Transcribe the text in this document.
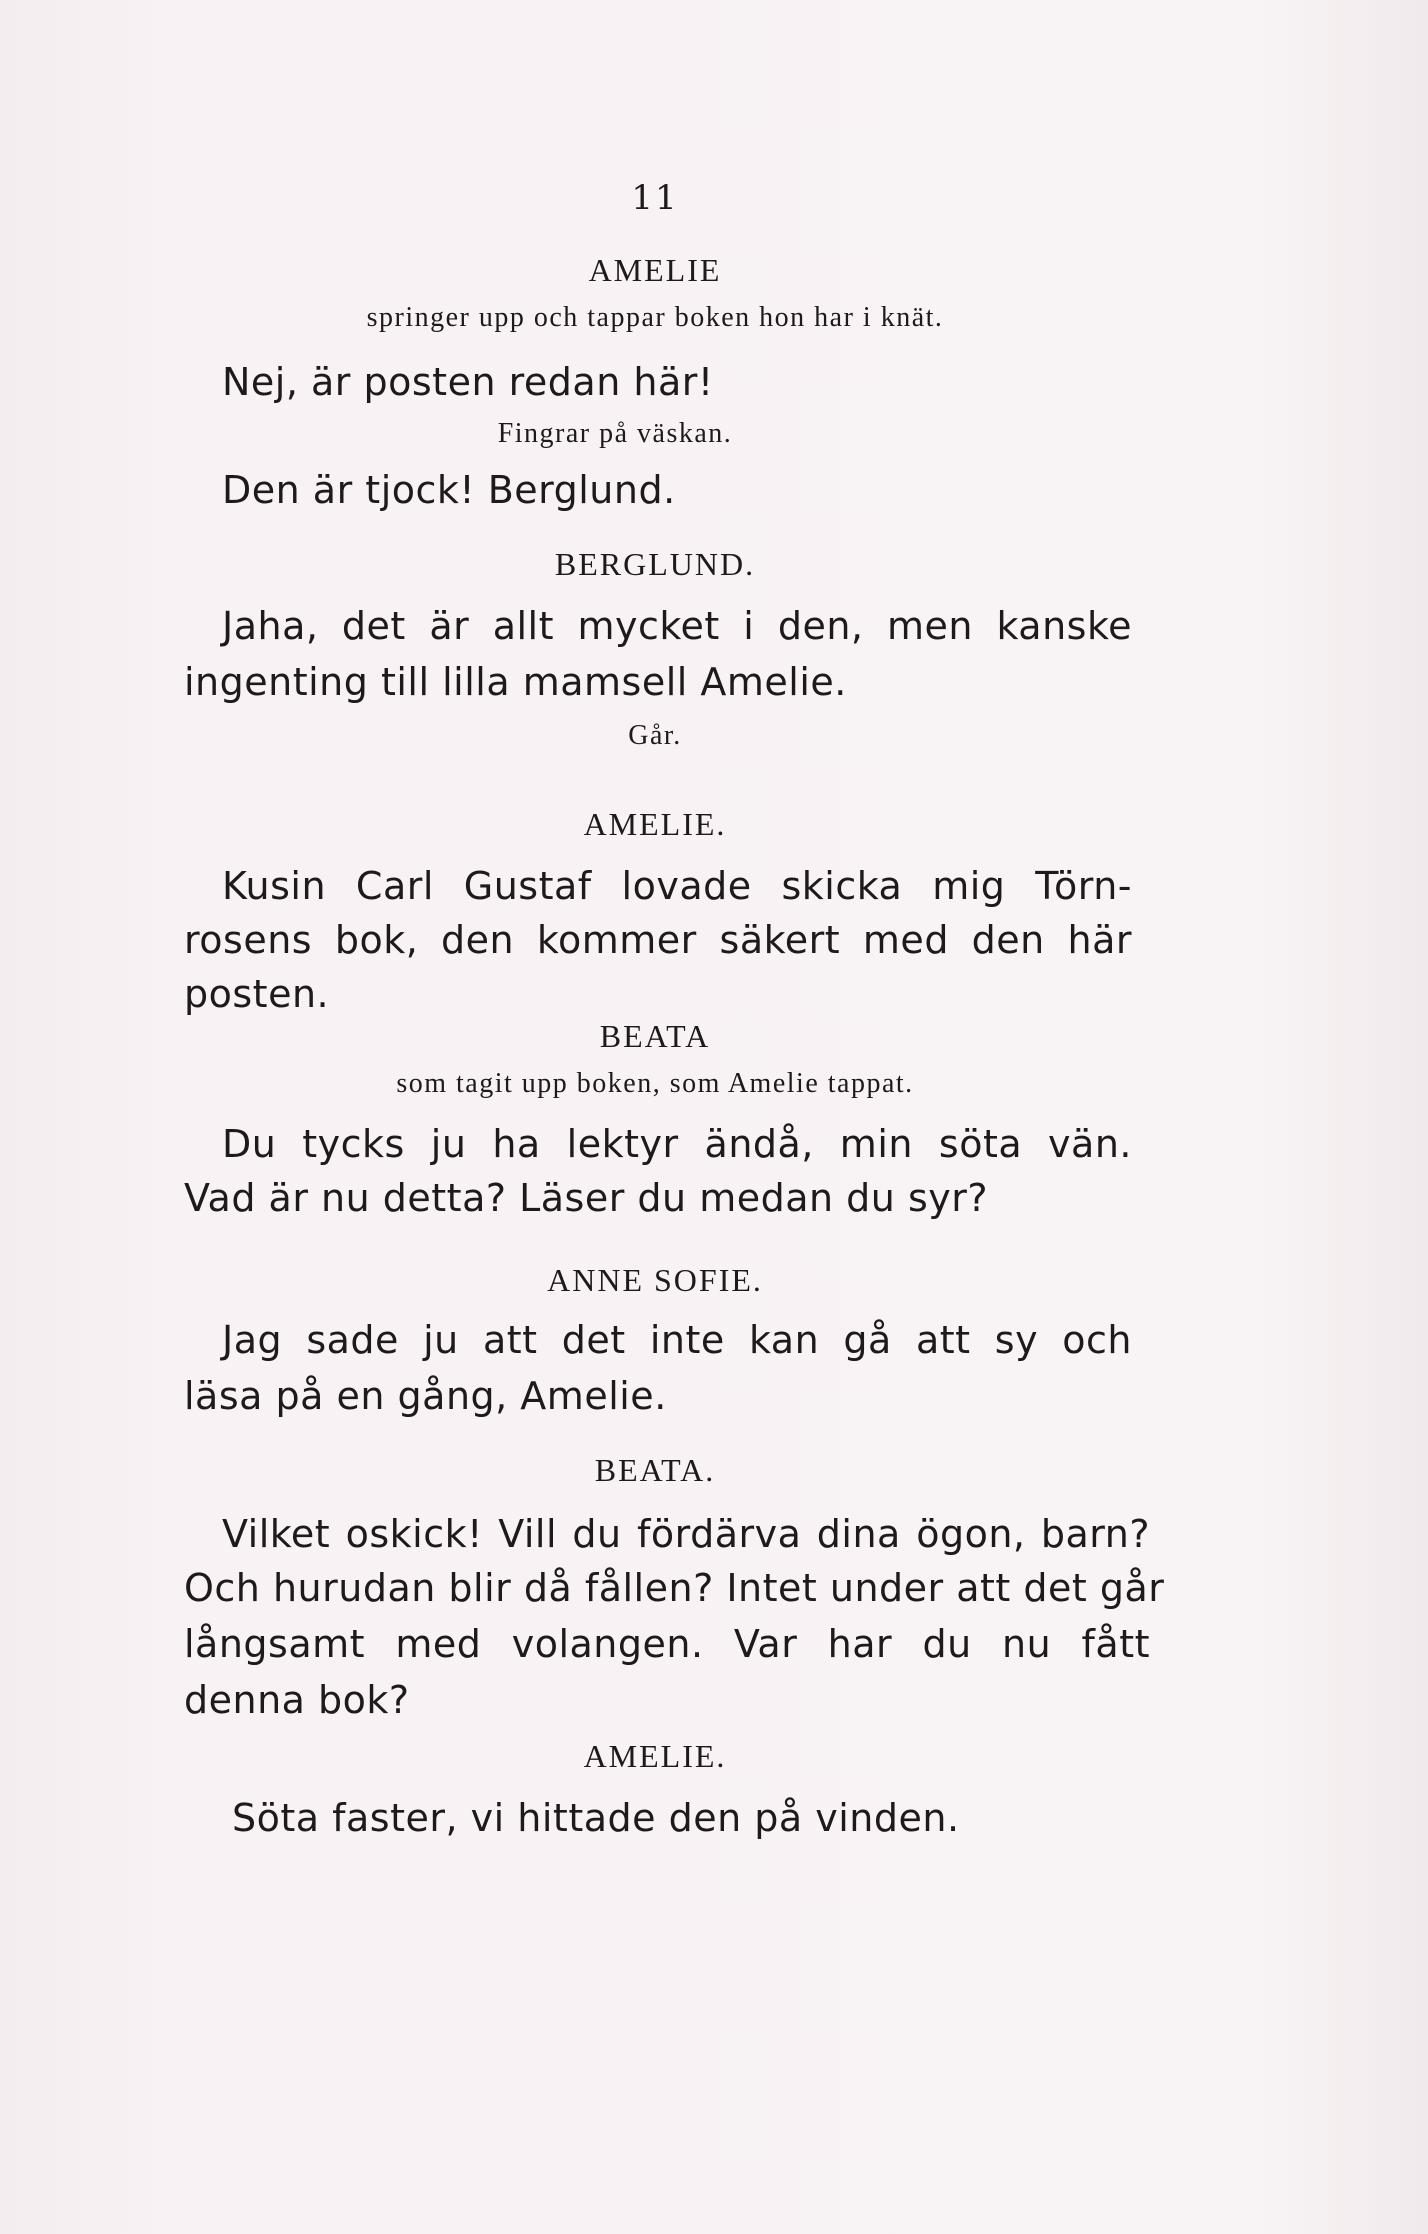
11
AMELIE
springer upp och tappar boken hon har i knät.
Nej, är posten redan här!
Fingrar på väskan.
Den är tjock! Berglund.
BERGLUND.
Jaha, det är allt mycket i den, men kanske
ingenting till lilla mamsell Amelie.
Går.
AMELIE.
Kusin Carl Gustaf lovade skicka mig Törn-
rosens bok, den kommer säkert med den här
posten.
BEATA
som tagit upp boken, som Amelie tappat.
Du tycks ju ha lektyr ändå, min söta vän.
Vad är nu detta? Läser du medan du syr?
ANNE SOFIE.
Jag sade ju att det inte kan gå att sy och
läsa på en gång, Amelie.
BEATA.
Vilket oskick! Vill du fördärva dina ögon, barn?
Och hurudan blir då fållen? Intet under att det går
långsamt med volangen. Var har du nu fått
denna bok?
AMELIE.
Söta faster, vi hittade den på vinden.
